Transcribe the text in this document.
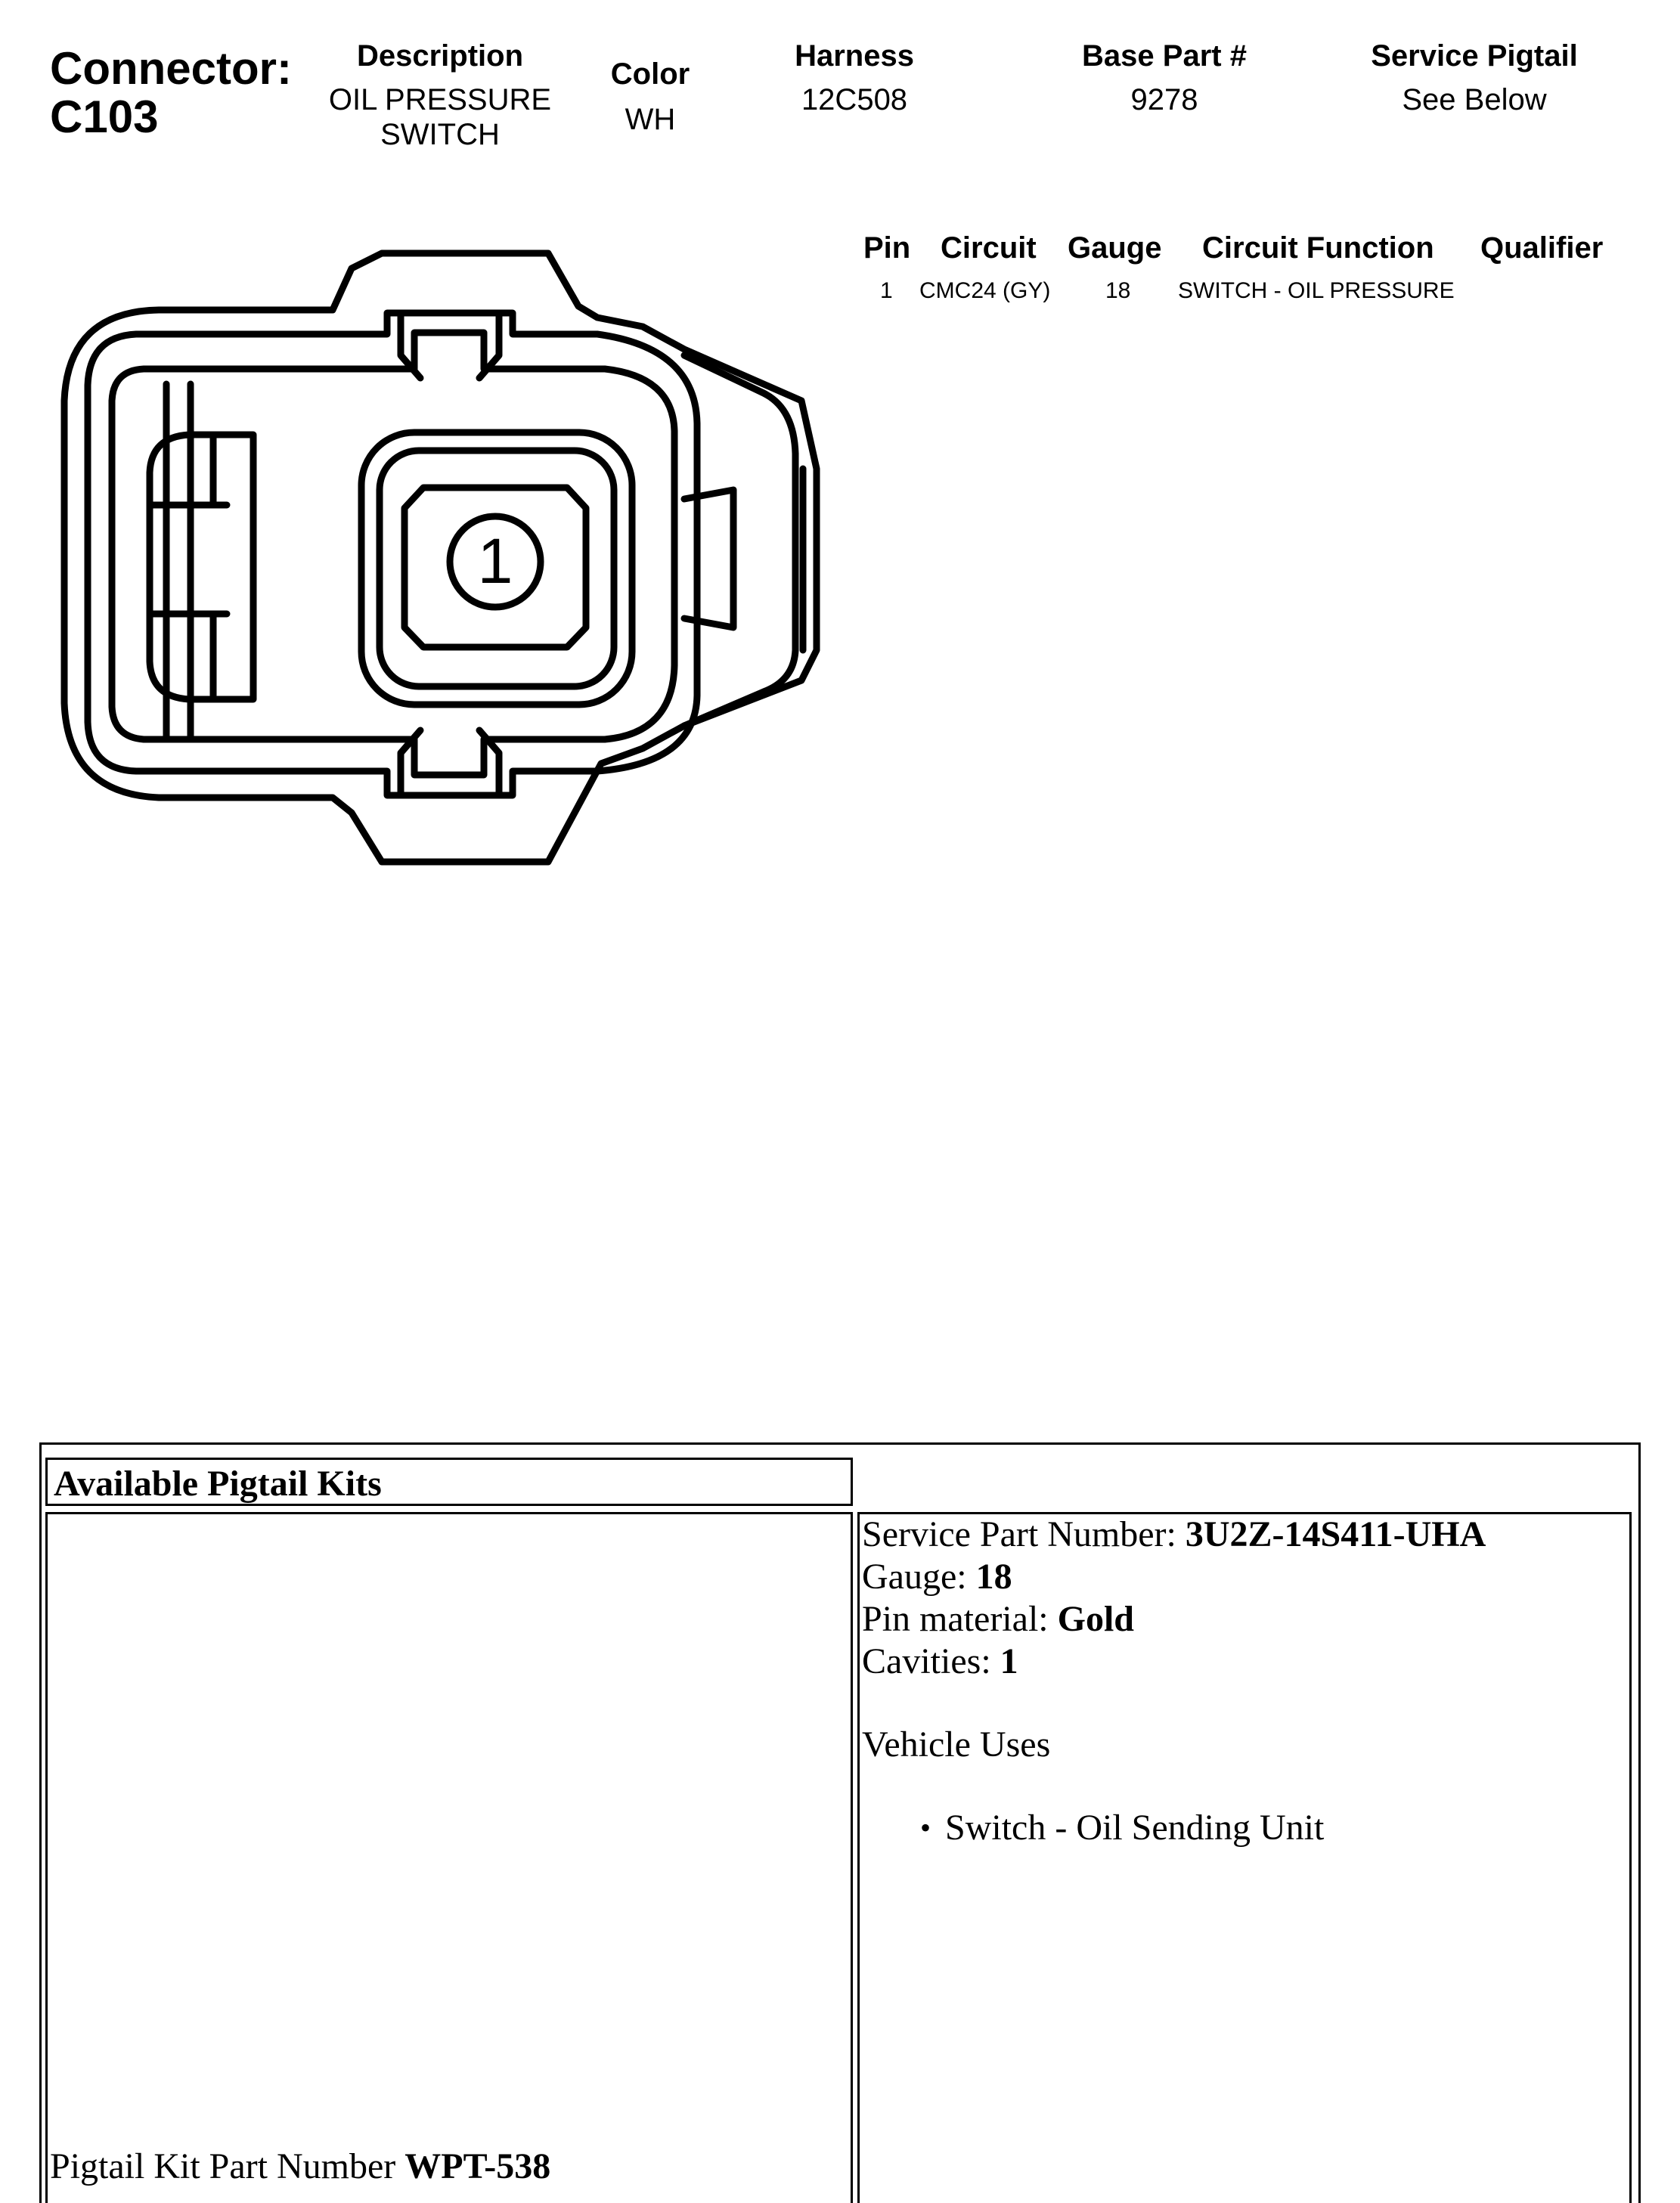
Connector:
C103
Description
OIL PRESSURE
SWITCH
Color
WH
Harness
12C508
Base Part #
9278
Service Pigtail
See Below
Pin Circuit Gauge Circuit Function Qualifier
1 CMC24 (GY) 18 SWITCH - OIL PRESSURE
1
Available Pigtail Kits
Pigtail Kit Part Number WPT-538
Service Part Number: 3U2Z-14S411-UHA
Gauge: 18
Pin material: Gold
Cavities: 1
Vehicle Uses
• Switch - Oil Sending Unit
